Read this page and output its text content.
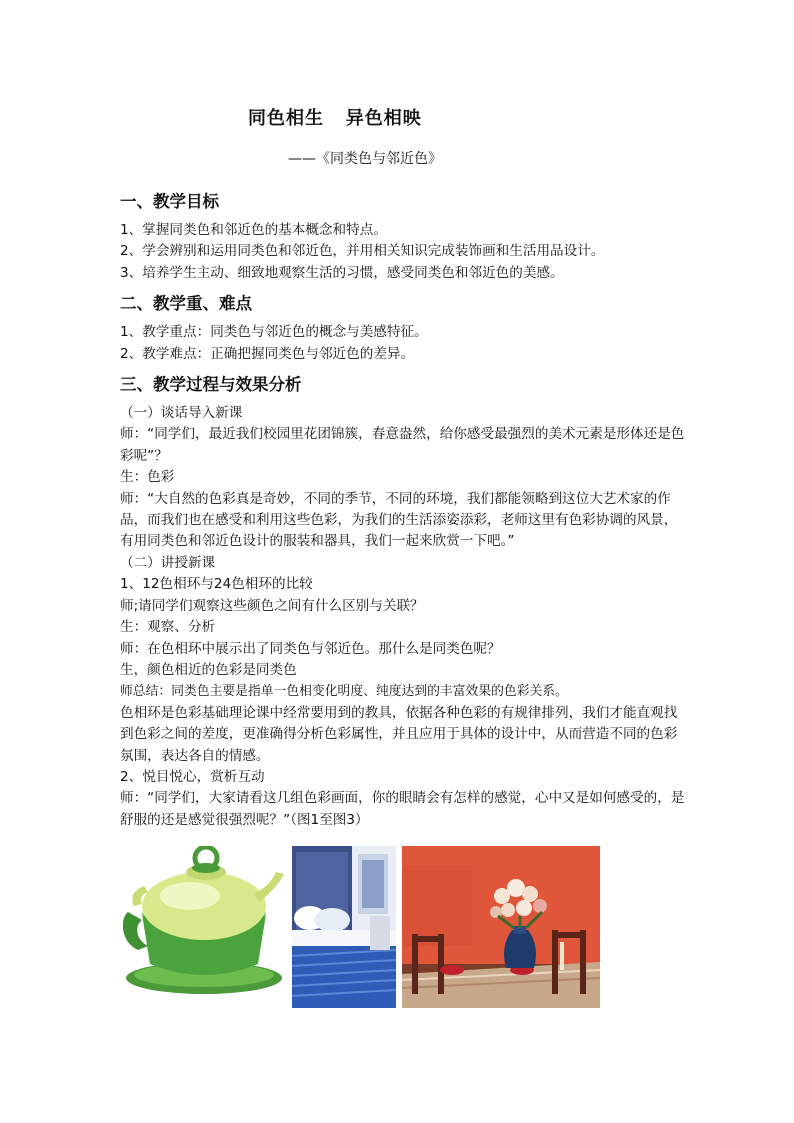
同色相生   异色相映
——《同类色与邻近色》
一、教学目标

1、掌握同类色和邻近色的基本概念和特点。

2、学会辨别和运用同类色和邻近色，并用相关知识完成装饰画和生活用品设计。

3、培养学生主动、细致地观察生活的习惯，感受同类色和邻近色的美感。

二、教学重、难点

1、教学重点：同类色与邻近色的概念与美感特征。

2、教学难点：正确把握同类色与邻近色的差异。

三、教学过程与效果分析

（一）谈话导入新课

师：“同学们，最近我们校园里花团锦簇，春意盎然，给你感受最强烈的美术元素是形体还是色彩呢”？

生：色彩

师：“大自然的色彩真是奇妙，不同的季节，不同的环境，我们都能领略到这位大艺术家的作品，而我们也在感受和利用这些色彩，为我们的生活添姿添彩，老师这里有色彩协调的风景，有用同类色和邻近色设计的服装和器具，我们一起来欣赏一下吧。”

（二）讲授新课

1、12色相环与24色相环的比较

师;请同学们观察这些颜色之间有什么区别与关联？

生：观察、分析

师：在色相环中展示出了同类色与邻近色。那什么是同类色呢？

生，颜色相近的色彩是同类色

师总结：同类色主要是指单一色相变化明度、纯度达到的丰富效果的色彩关系。

色相环是色彩基础理论课中经常要用到的教具，依据各种色彩的有规律排列，我们才能直观找到色彩之间的差度，更准确得分析色彩属性，并且应用于具体的设计中，从而营造不同的色彩氛围，表达各自的情感。

2、悦目悦心，赏析互动

师：“同学们，大家请看这几组色彩画面，你的眼睛会有怎样的感觉，心中又是如何感受的，是舒服的还是感觉很强烈呢？”（图1至图3）
